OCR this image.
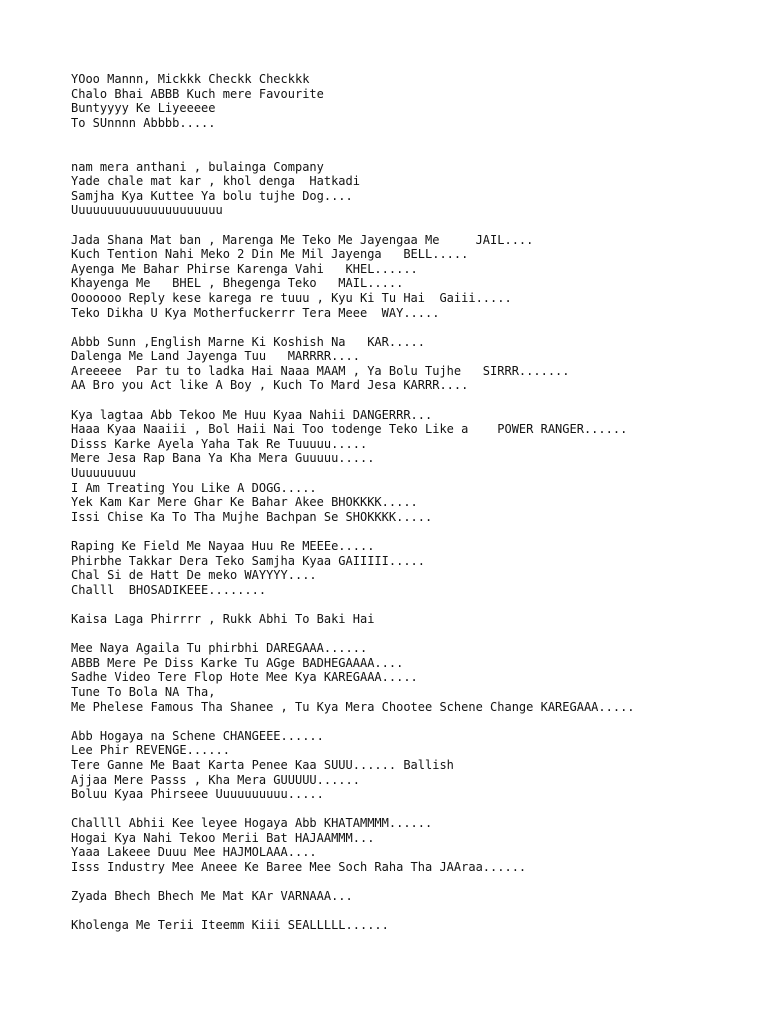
YOoo Mannn, Mickkk Checkk Checkkk
Chalo Bhai ABBB Kuch mere Favourite
Buntyyyy Ke Liyeeeee
To SUnnnn Abbbb.....
nam mera anthani , bulainga Company
Yade chale mat kar , khol denga  Hatkadi
Samjha Kya Kuttee Ya bolu tujhe Dog....
Uuuuuuuuuuuuuuuuuuuuu
Jada Shana Mat ban , Marenga Me Teko Me Jayengaa Me     JAIL....
Kuch Tention Nahi Meko 2 Din Me Mil Jayenga   BELL.....
Ayenga Me Bahar Phirse Karenga Vahi   KHEL......
Khayenga Me   BHEL , Bhegenga Teko   MAIL.....
Ooooooo Reply kese karega re tuuu , Kyu Ki Tu Hai  Gaiii.....
Teko Dikha U Kya Motherfuckerrr Tera Meee  WAY.....
Abbb Sunn ,English Marne Ki Koshish Na   KAR.....
Dalenga Me Land Jayenga Tuu   MARRRR....
Areeeee  Par tu to ladka Hai Naaa MAAM , Ya Bolu Tujhe   SIRRR.......
AA Bro you Act like A Boy , Kuch To Mard Jesa KARRR....
Kya lagtaa Abb Tekoo Me Huu Kyaa Nahii DANGERRR...
Haaa Kyaa Naaiii , Bol Haii Nai Too todenge Teko Like a    POWER RANGER......
Disss Karke Ayela Yaha Tak Re Tuuuuu.....
Mere Jesa Rap Bana Ya Kha Mera Guuuuu.....
Uuuuuuuuu
I Am Treating You Like A DOGG.....
Yek Kam Kar Mere Ghar Ke Bahar Akee BHOKKKK.....
Issi Chise Ka To Tha Mujhe Bachpan Se SHOKKKK.....
Raping Ke Field Me Nayaa Huu Re MEEEe.....
Phirbhe Takkar Dera Teko Samjha Kyaa GAIIIII.....
Chal Si de Hatt De meko WAYYYY....
Challl  BHOSADIKEEE........
Kaisa Laga Phirrrr , Rukk Abhi To Baki Hai
Mee Naya Agaila Tu phirbhi DAREGAAA......
ABBB Mere Pe Diss Karke Tu AGge BADHEGAAAA....
Sadhe Video Tere Flop Hote Mee Kya KAREGAAA.....
Tune To Bola NA Tha,
Me Phelese Famous Tha Shanee , Tu Kya Mera Chootee Schene Change KAREGAAA.....
Abb Hogaya na Schene CHANGEEE......
Lee Phir REVENGE......
Tere Ganne Me Baat Karta Penee Kaa SUUU...... Ballish
Ajjaa Mere Passs , Kha Mera GUUUUU......
Boluu Kyaa Phirseee Uuuuuuuuuu.....
Challll Abhii Kee leyee Hogaya Abb KHATAMMMM......
Hogai Kya Nahi Tekoo Merii Bat HAJAAMMM...
Yaaa Lakeee Duuu Mee HAJMOLAAA....
Isss Industry Mee Aneee Ke Baree Mee Soch Raha Tha JAAraa......
Zyada Bhech Bhech Me Mat KAr VARNAAA...
Kholenga Me Terii Iteemm Kiii SEALLLLL......
